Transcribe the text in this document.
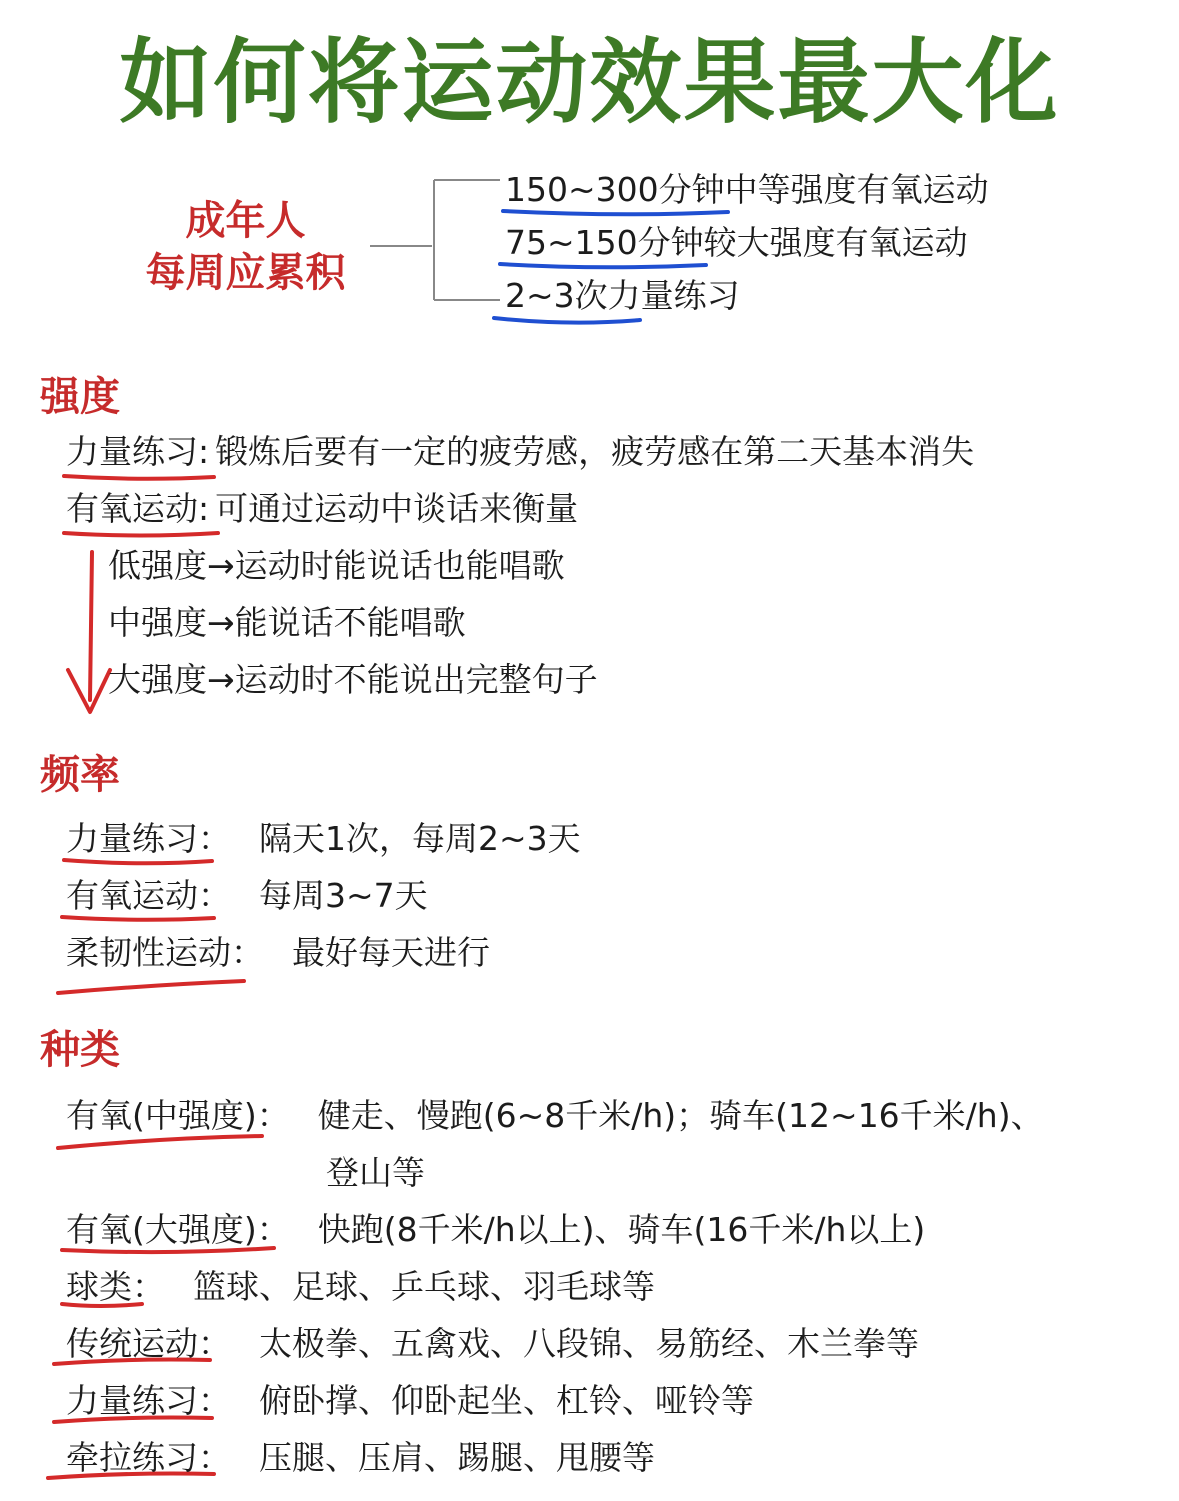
如何将运动效果最大化
成年人
每周应累积
150~300分钟中等强度有氧运动
75~150分钟较大强度有氧运动
2~3次力量练习
强度
力量练习: 锻炼后要有一定的疲劳感，疲劳感在第二天基本消失
有氧运动: 可通过运动中谈话来衡量
低强度→运动时能说话也能唱歌
中强度→能说话不能唱歌
大强度→运动时不能说出完整句子
频率
力量练习： 隔天1次，每周2~3天
有氧运动： 每周3~7天
柔韧性运动： 最好每天进行
种类
有氧(中强度)： 健走、慢跑(6~8千米/h)；骑车(12~16千米/h)、
登山等
有氧(大强度)： 快跑(8千米/h以上)、骑车(16千米/h以上)
球类： 篮球、足球、乒乓球、羽毛球等
传统运动： 太极拳、五禽戏、八段锦、易筋经、木兰拳等
力量练习： 俯卧撑、仰卧起坐、杠铃、哑铃等
牵拉练习： 压腿、压肩、踢腿、甩腰等
